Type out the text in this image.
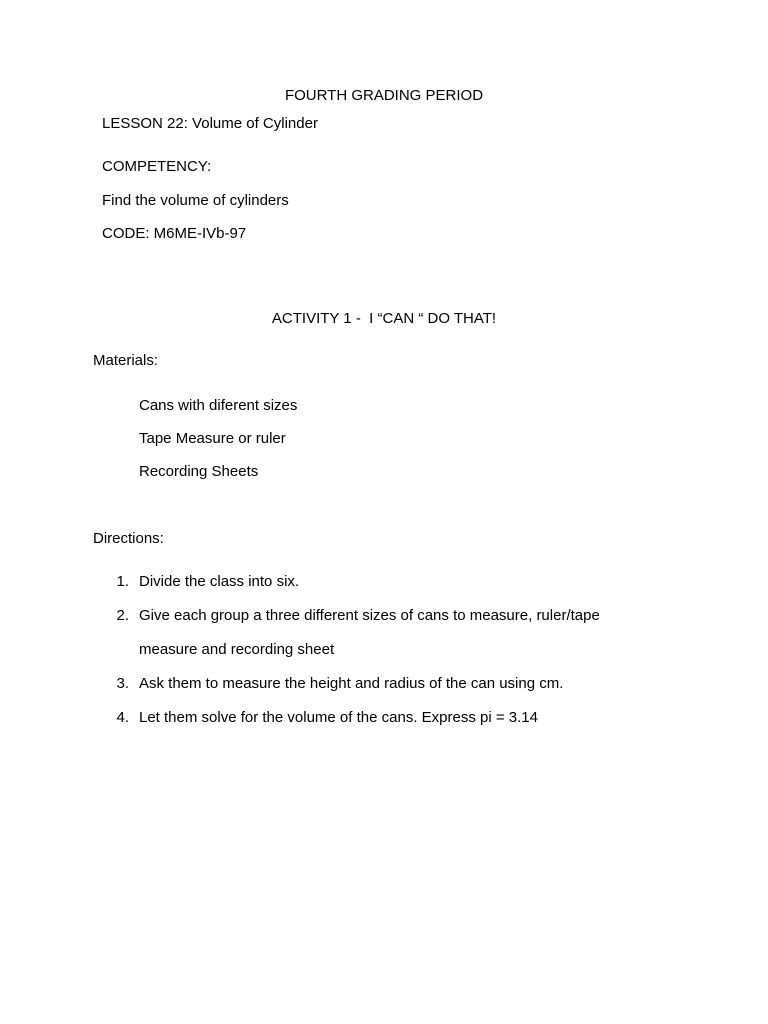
FOURTH GRADING PERIOD
LESSON 22: Volume of Cylinder
COMPETENCY:
Find the volume of cylinders
CODE: M6ME-IVb-97
ACTIVITY 1 -  I “CAN “ DO THAT!
Materials:
Cans with diferent sizes
Tape Measure or ruler
Recording Sheets
Directions:
1. Divide the class into six.
2. Give each group a three different sizes of cans to measure, ruler/tape
measure and recording sheet
3. Ask them to measure the height and radius of the can using cm.
4. Let them solve for the volume of the cans. Express pi = 3.14
